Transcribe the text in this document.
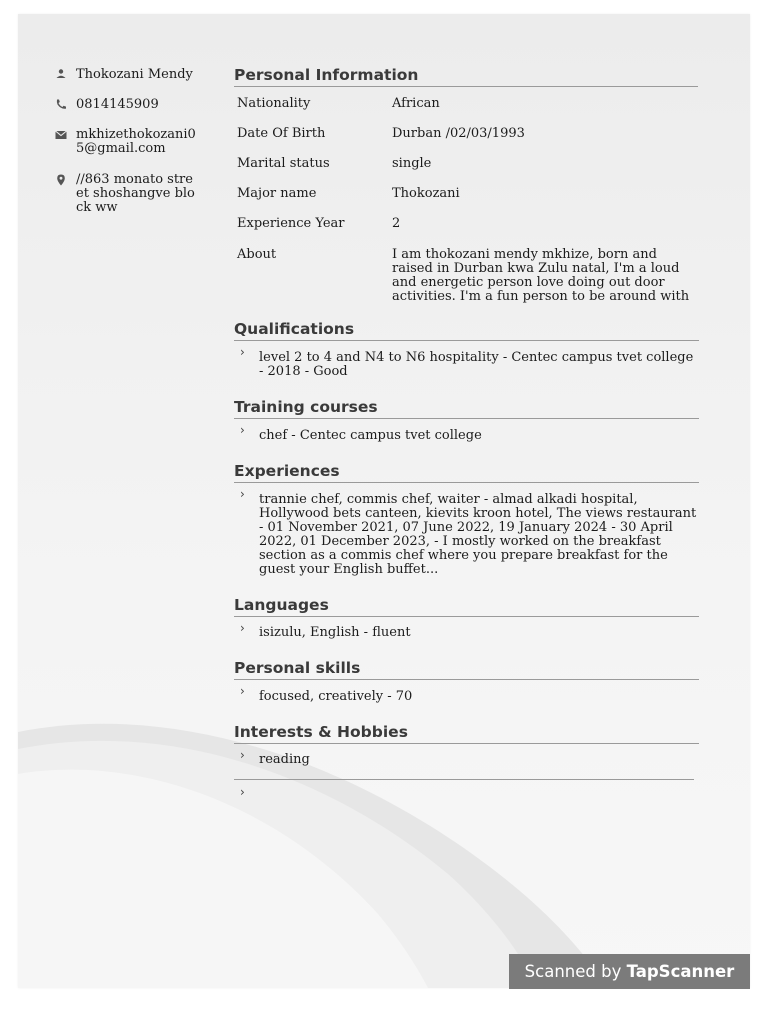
Thokozani Mendy
0814145909
mkhizethokozani05@gmail.com
//863 monato street shoshangve block ww
Personal Information
Nationality	African
Date Of Birth	Durban /02/03/1993
Marital status	single
Major name	Thokozani
Experience Year	2
About	I am thokozani mendy mkhize, born and raised in Durban kwa Zulu natal, I'm a loud and energetic person love doing out door activities. I'm a fun person to be around with
Qualifications
› level 2 to 4 and N4 to N6 hospitality - Centec campus tvet college - 2018 - Good
Training courses
› chef - Centec campus tvet college
Experiences
› trannie chef, commis chef, waiter - almad alkadi hospital, Hollywood bets canteen, kievits kroon hotel, The views restaurant - 01 November 2021, 07 June 2022, 19 January 2024 - 30 April 2022, 01 December 2023, - I mostly worked on the breakfast section as a commis chef where you prepare breakfast for the guest your English buffet...
Languages
› isizulu, English - fluent
Personal skills
› focused, creatively - 70
Interests & Hobbies
› reading
›
Scanned by TapScanner
